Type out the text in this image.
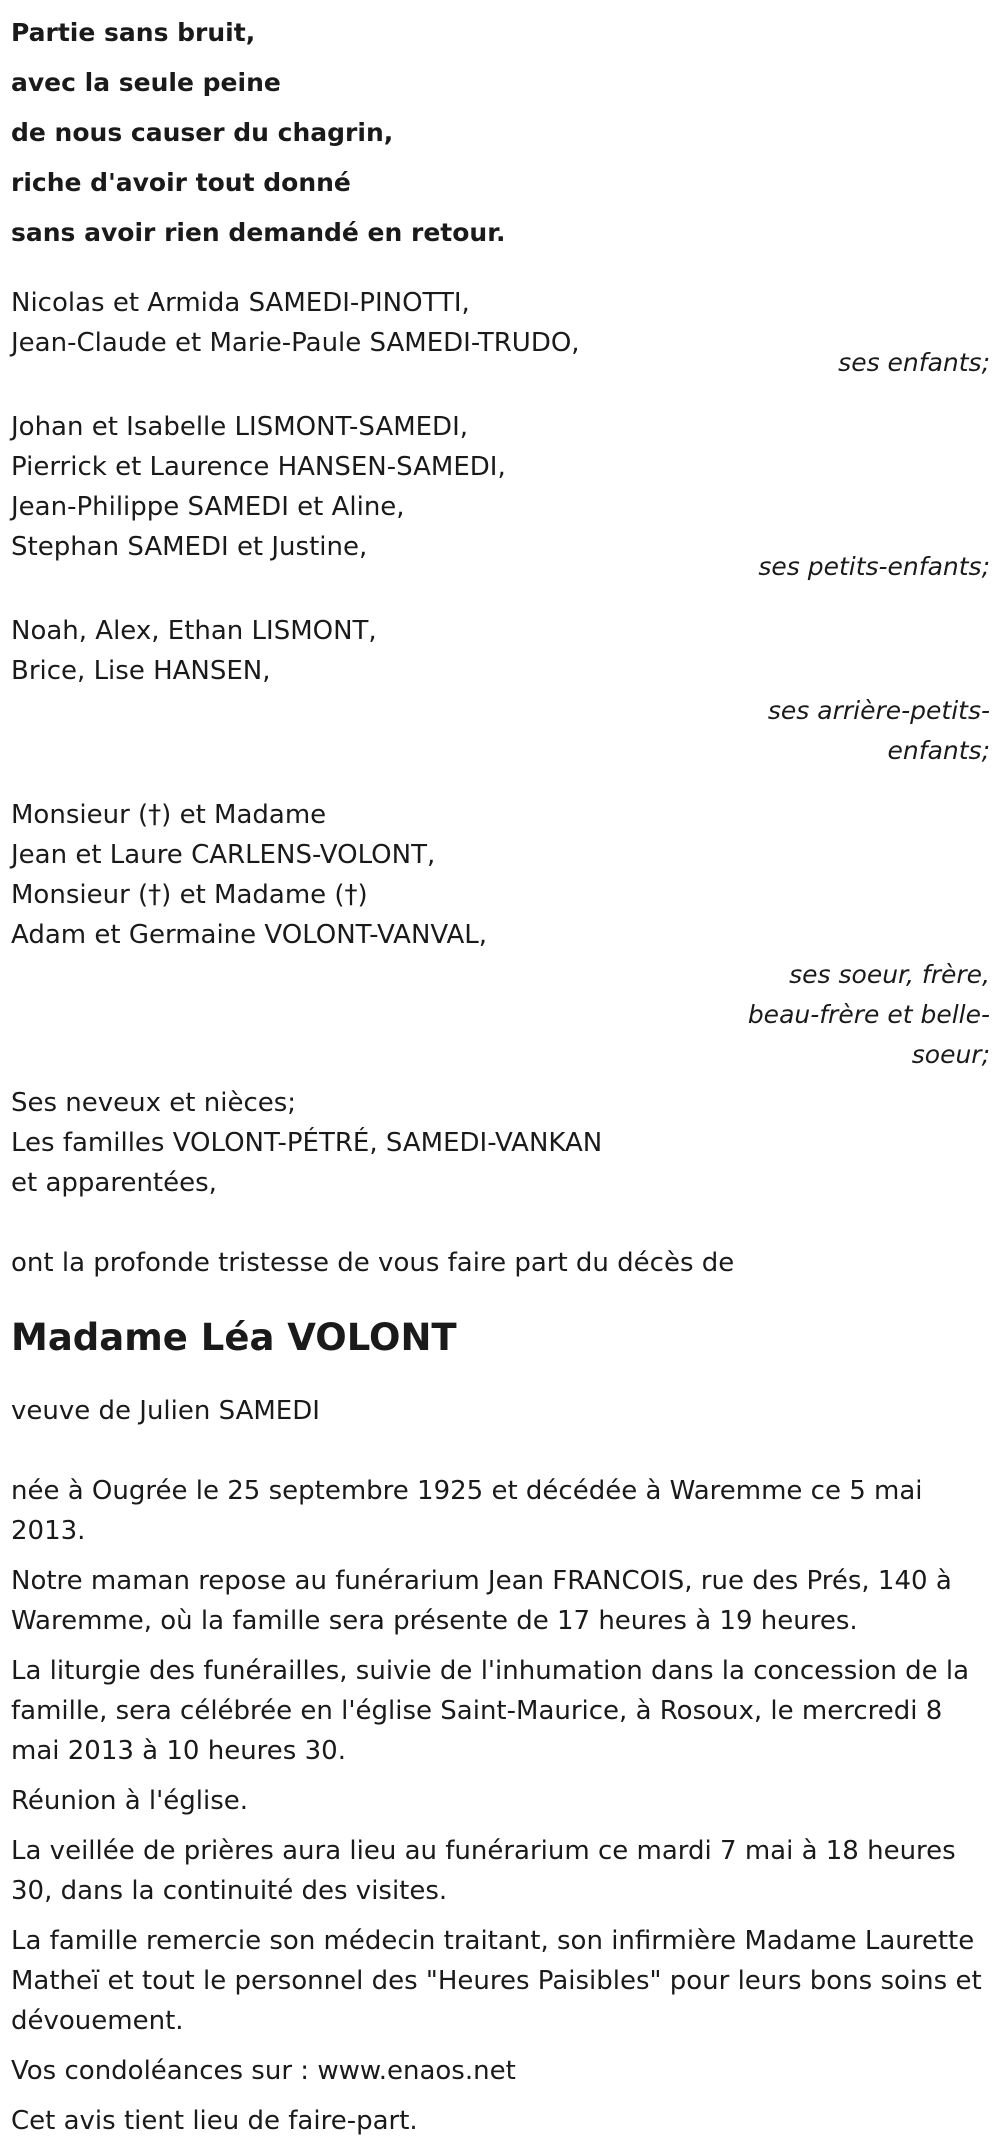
Partie sans bruit,
avec la seule peine
de nous causer du chagrin,
riche d'avoir tout donné
sans avoir rien demandé en retour.
Nicolas et Armida SAMEDI-PINOTTI,
Jean-Claude et Marie-Paule SAMEDI-TRUDO,
ses enfants;
Johan et Isabelle LISMONT-SAMEDI,
Pierrick et Laurence HANSEN-SAMEDI,
Jean-Philippe SAMEDI et Aline,
Stephan SAMEDI et Justine,
ses petits-enfants;
Noah, Alex, Ethan LISMONT,
Brice, Lise HANSEN,
ses arrière-petits-enfants;
Monsieur (†) et Madame
Jean et Laure CARLENS-VOLONT,
Monsieur (†) et Madame (†)
Adam et Germaine VOLONT-VANVAL,
ses soeur, frère, beau-frère et belle-soeur;
Ses neveux et nièces;
Les familles VOLONT-PÉTRÉ, SAMEDI-VANKAN
et apparentées,
ont la profonde tristesse de vous faire part du décès de
Madame Léa VOLONT
veuve de Julien SAMEDI
née à Ougrée le 25 septembre 1925 et décédée à Waremme ce 5 mai 2013.
Notre maman repose au funérarium Jean FRANCOIS, rue des Prés, 140 à Waremme, où la famille sera présente de 17 heures à 19 heures.
La liturgie des funérailles, suivie de l'inhumation dans la concession de la famille, sera célébrée en l'église Saint-Maurice, à Rosoux, le mercredi 8 mai 2013 à 10 heures 30.
Réunion à l'église.
La veillée de prières aura lieu au funérarium ce mardi 7 mai à 18 heures 30, dans la continuité des visites.
La famille remercie son médecin traitant, son infirmière Madame Laurette Matheï et tout le personnel des "Heures Paisibles" pour leurs bons soins et dévouement.
Vos condoléances sur : www.enaos.net
Cet avis tient lieu de faire-part.
